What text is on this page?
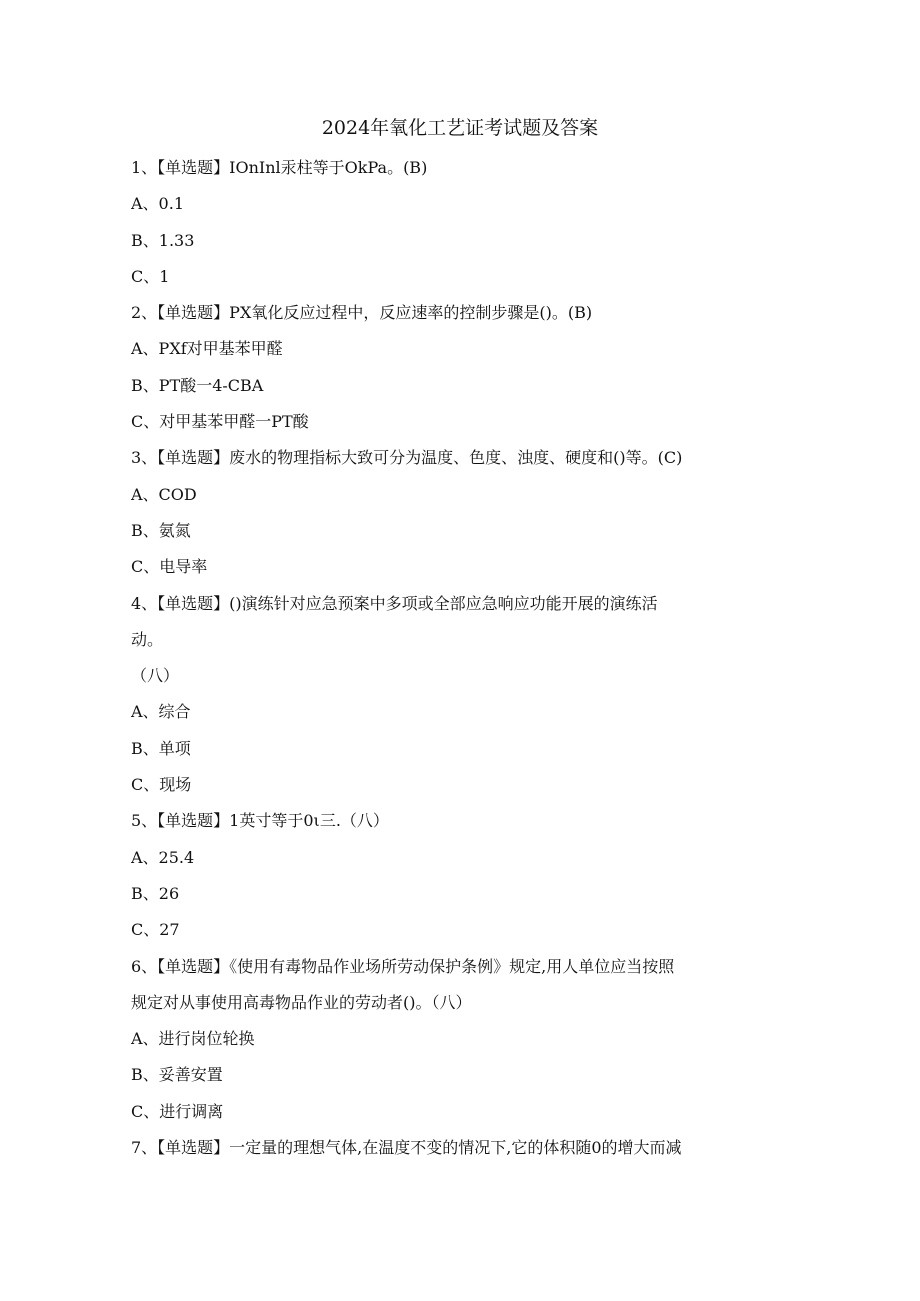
2024年氧化工艺证考试题及答案
1、【单选题】IOnInl汞柱等于OkPa。(B)
A、0.1
B、1.33
C、1
2、【单选题】PX氧化反应过程中，反应速率的控制步骤是()。(B)
A、PXf对甲基苯甲醛
B、PT酸一4-CBA
C、对甲基苯甲醛一PT酸
3、【单选题】废水的物理指标大致可分为温度、色度、浊度、硬度和()等。(C)
A、COD
B、氨氮
C、电导率
4、【单选题】()演练针对应急预案中多项或全部应急响应功能开展的演练活
动。
（八）
A、综合
B、单项
C、现场
5、【单选题】1英寸等于0ι三.（八）
A、25.4
B、26
C、27
6、【单选题】《使用有毒物品作业场所劳动保护条例》规定,用人单位应当按照
规定对从事使用高毒物品作业的劳动者()。（八）
A、进行岗位轮换
B、妥善安置
C、进行调离
7、【单选题】一定量的理想气体,在温度不变的情况下,它的体积随0的增大而减
